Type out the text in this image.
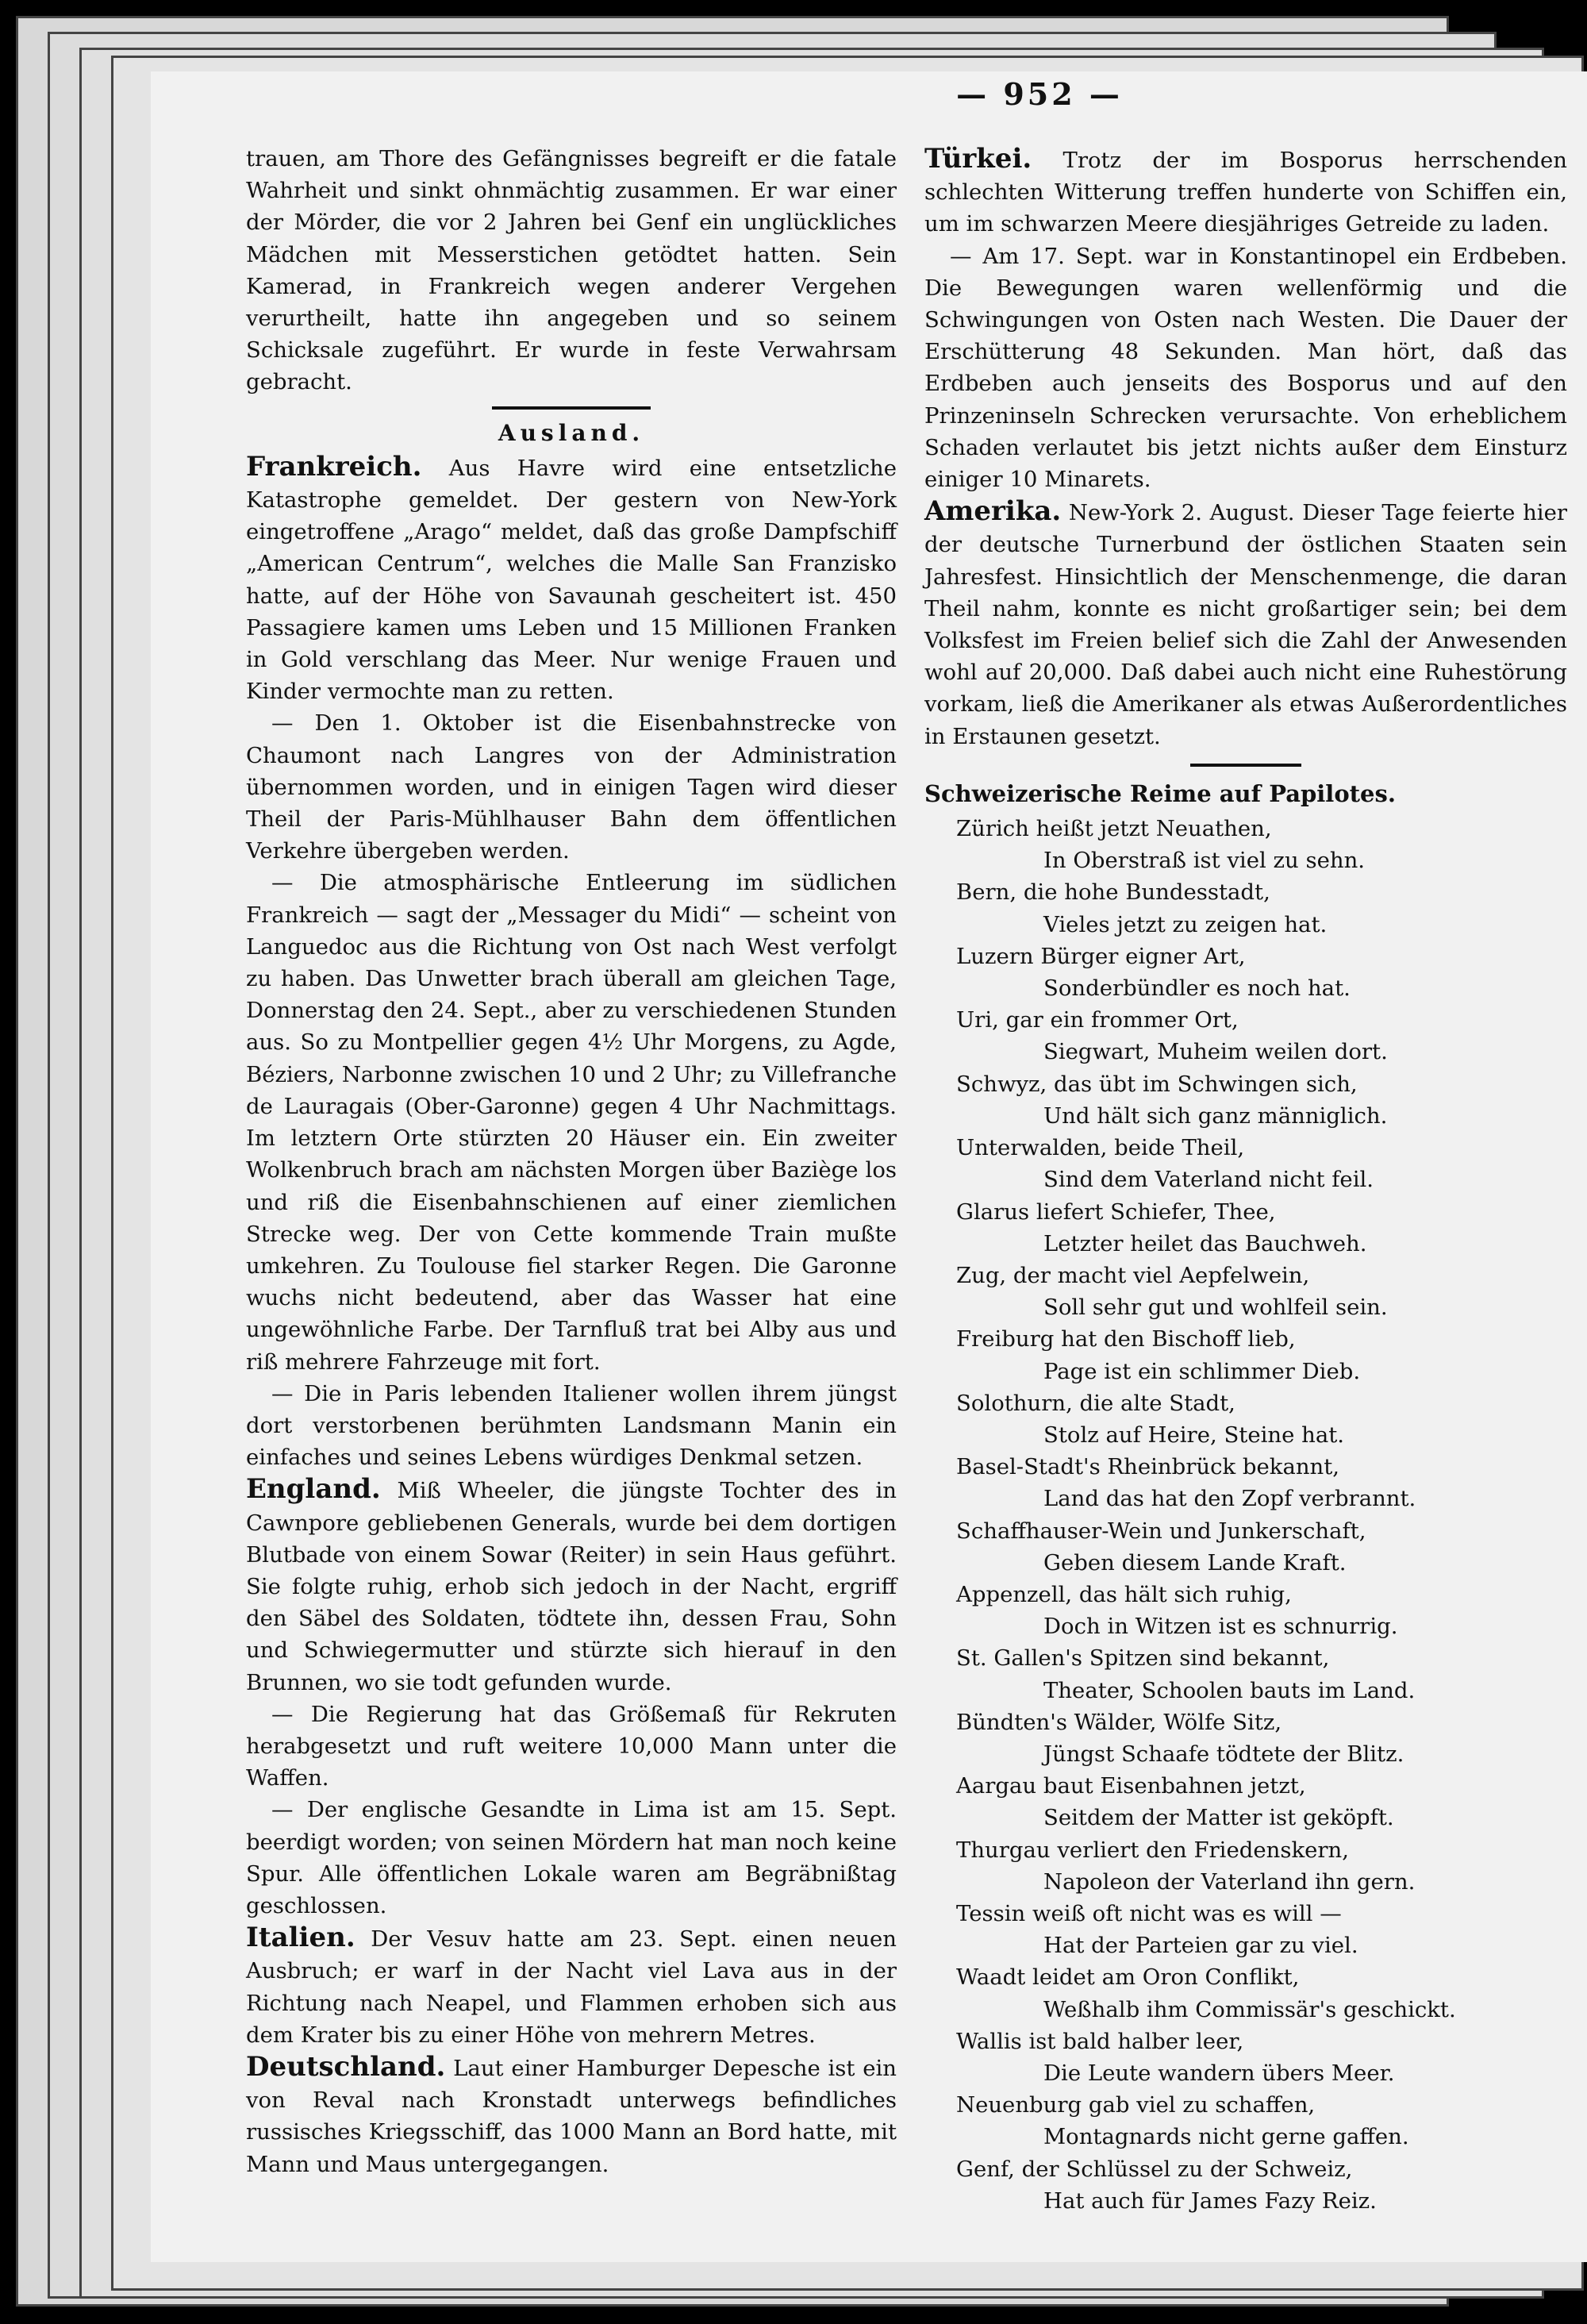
— 952 —

trauen, am Thore des Gefängnisses begreift er die fatale Wahrheit und sinkt ohnmächtig zusammen. Er war einer der Mörder, die vor 2 Jahren bei Genf ein unglückliches Mädchen mit Messerstichen getödtet hatten. Sein Kamerad, in Frankreich wegen anderer Vergehen verurtheilt, hatte ihn angegeben und so seinem Schicksale zugeführt. Er wurde in feste Verwahrsam gebracht.

Ausland.

Frankreich. Aus Havre wird eine entsetzliche Katastrophe gemeldet. Der gestern von New-York eingetroffene „Arago“ meldet, daß das große Dampfschiff „American Centrum“, welches die Malle San Franzisko hatte, auf der Höhe von Savaunah gescheitert ist. 450 Passagiere kamen ums Leben und 15 Millionen Franken in Gold verschlang das Meer. Nur wenige Frauen und Kinder vermochte man zu retten.

— Den 1. Oktober ist die Eisenbahnstrecke von Chaumont nach Langres von der Administration übernommen worden, und in einigen Tagen wird dieser Theil der Paris-Mühlhauser Bahn dem öffentlichen Verkehre übergeben werden.

— Die atmosphärische Entleerung im südlichen Frankreich — sagt der „Messager du Midi“ — scheint von Languedoc aus die Richtung von Ost nach West verfolgt zu haben. Das Unwetter brach überall am gleichen Tage, Donnerstag den 24. Sept., aber zu verschiedenen Stunden aus. So zu Montpellier gegen 4½ Uhr Morgens, zu Agde, Béziers, Narbonne zwischen 10 und 2 Uhr; zu Villefranche de Lauragais (Ober-Garonne) gegen 4 Uhr Nachmittags. Im letztern Orte stürzten 20 Häuser ein. Ein zweiter Wolkenbruch brach am nächsten Morgen über Baziège los und riß die Eisenbahnschienen auf einer ziemlichen Strecke weg. Der von Cette kommende Train mußte umkehren. Zu Toulouse fiel starker Regen. Die Garonne wuchs nicht bedeutend, aber das Wasser hat eine ungewöhnliche Farbe. Der Tarnfluß trat bei Alby aus und riß mehrere Fahrzeuge mit fort.

— Die in Paris lebenden Italiener wollen ihrem jüngst dort verstorbenen berühmten Landsmann Manin ein einfaches und seines Lebens würdiges Denkmal setzen.

England. Miß Wheeler, die jüngste Tochter des in Cawnpore gebliebenen Generals, wurde bei dem dortigen Blutbade von einem Sowar (Reiter) in sein Haus geführt. Sie folgte ruhig, erhob sich jedoch in der Nacht, ergriff den Säbel des Soldaten, tödtete ihn, dessen Frau, Sohn und Schwiegermutter und stürzte sich hierauf in den Brunnen, wo sie todt gefunden wurde.

— Die Regierung hat das Größemaß für Rekruten herabgesetzt und ruft weitere 10,000 Mann unter die Waffen.

— Der englische Gesandte in Lima ist am 15. Sept. beerdigt worden; von seinen Mördern hat man noch keine Spur. Alle öffentlichen Lokale waren am Begräbnißtag geschlossen.

Italien. Der Vesuv hatte am 23. Sept. einen neuen Ausbruch; er warf in der Nacht viel Lava aus in der Richtung nach Neapel, und Flammen erhoben sich aus dem Krater bis zu einer Höhe von mehrern Metres.

Deutschland. Laut einer Hamburger Depesche ist ein von Reval nach Kronstadt unterwegs befindliches russisches Kriegsschiff, das 1000 Mann an Bord hatte, mit Mann und Maus untergegangen.

Türkei. Trotz der im Bosporus herrschenden schlechten Witterung treffen hunderte von Schiffen ein, um im schwarzen Meere diesjähriges Getreide zu laden.

— Am 17. Sept. war in Konstantinopel ein Erdbeben. Die Bewegungen waren wellenförmig und die Schwingungen von Osten nach Westen. Die Dauer der Erschütterung 48 Sekunden. Man hört, daß das Erdbeben auch jenseits des Bosporus und auf den Prinzeninseln Schrecken verursachte. Von erheblichem Schaden verlautet bis jetzt nichts außer dem Einsturz einiger 10 Minarets.

Amerika. New-York 2. August. Dieser Tage feierte hier der deutsche Turnerbund der östlichen Staaten sein Jahresfest. Hinsichtlich der Menschenmenge, die daran Theil nahm, konnte es nicht großartiger sein; bei dem Volksfest im Freien belief sich die Zahl der Anwesenden wohl auf 20,000. Daß dabei auch nicht eine Ruhestörung vorkam, ließ die Amerikaner als etwas Außerordentliches in Erstaunen gesetzt.

Schweizerische Reime auf Papilotes.

Zürich heißt jetzt Neuathen,

In Oberstraß ist viel zu sehn.

Bern, die hohe Bundesstadt,

Vieles jetzt zu zeigen hat.

Luzern Bürger eigner Art,

Sonderbündler es noch hat.

Uri, gar ein frommer Ort,

Siegwart, Muheim weilen dort.

Schwyz, das übt im Schwingen sich,

Und hält sich ganz männiglich.

Unterwalden, beide Theil,

Sind dem Vaterland nicht feil.

Glarus liefert Schiefer, Thee,

Letzter heilet das Bauchweh.

Zug, der macht viel Aepfelwein,

Soll sehr gut und wohlfeil sein.

Freiburg hat den Bischoff lieb,

Page ist ein schlimmer Dieb.

Solothurn, die alte Stadt,

Stolz auf Heire, Steine hat.

Basel-Stadt's Rheinbrück bekannt,

Land das hat den Zopf verbrannt.

Schaffhauser-Wein und Junkerschaft,

Geben diesem Lande Kraft.

Appenzell, das hält sich ruhig,

Doch in Witzen ist es schnurrig.

St. Gallen's Spitzen sind bekannt,

Theater, Schoolen bauts im Land.

Bündten's Wälder, Wölfe Sitz,

Jüngst Schaafe tödtete der Blitz.

Aargau baut Eisenbahnen jetzt,

Seitdem der Matter ist geköpft.

Thurgau verliert den Friedenskern,

Napoleon der Vaterland ihn gern.

Tessin weiß oft nicht was es will —

Hat der Parteien gar zu viel.

Waadt leidet am Oron Conflikt,

Weßhalb ihm Commissär's geschickt.

Wallis ist bald halber leer,

Die Leute wandern übers Meer.

Neuenburg gab viel zu schaffen,

Montagnards nicht gerne gaffen.

Genf, der Schlüssel zu der Schweiz,

Hat auch für James Fazy Reiz.
